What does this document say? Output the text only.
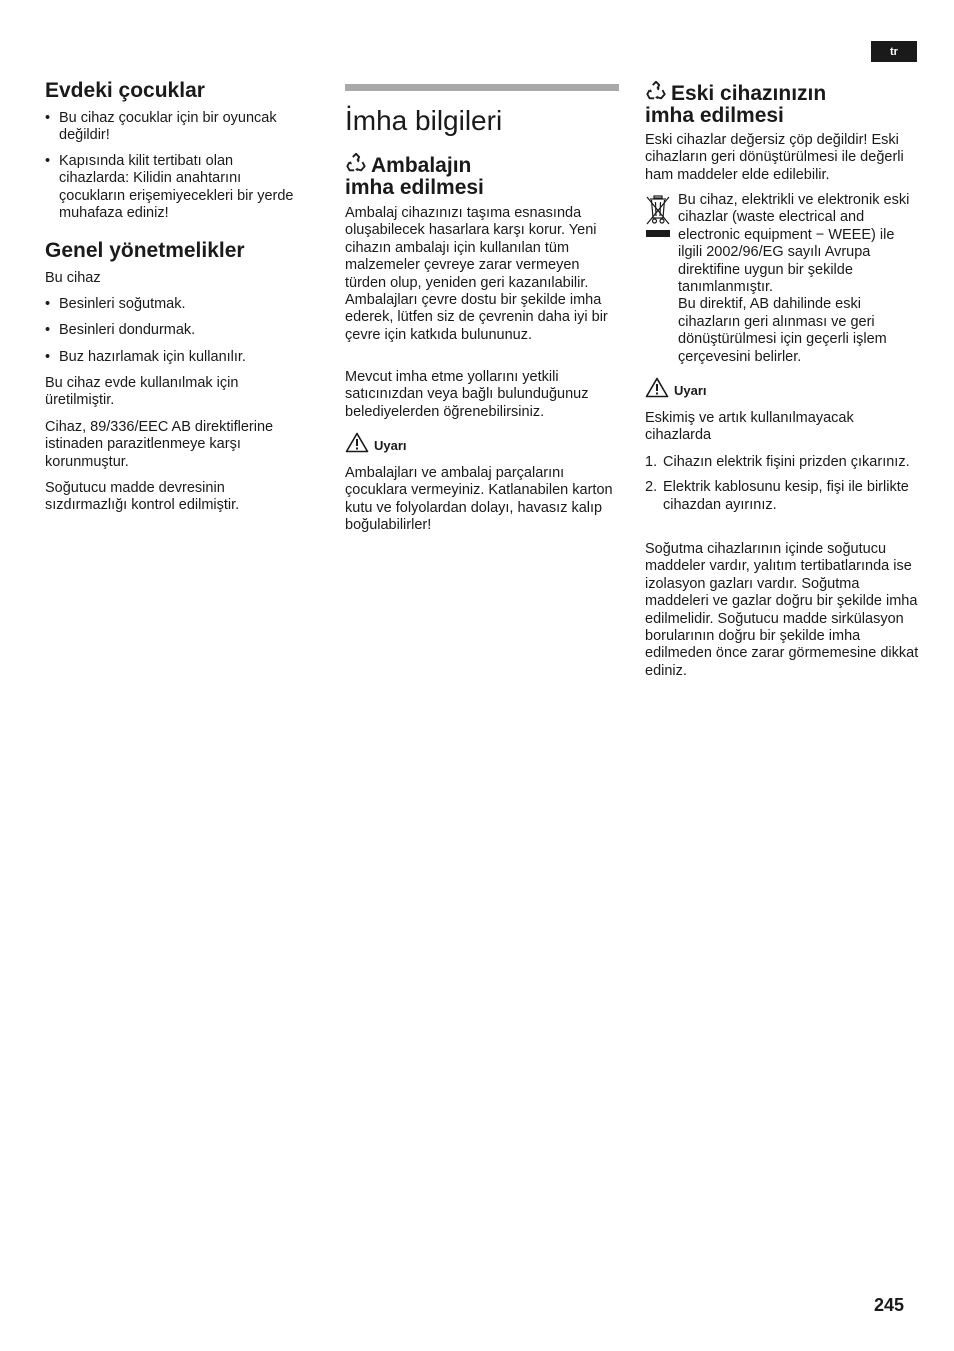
tr
Evdeki çocuklar
• Bu cihaz çocuklar için bir oyuncak değildir!
• Kapısında kilit tertibatı olan cihazlarda: Kilidin anahtarını çocukların erişemiyecekleri bir yerde muhafaza ediniz!
Genel yönetmelikler

Bu cihaz

• Besinleri soğutmak.
• Besinleri dondurmak.
• Buz hazırlamak için kullanılır.

Bu cihaz evde kullanılmak için üretilmiştir.

Cihaz, 89/336/EEC AB direktiflerine istinaden parazitlenmeye karşı korunmuştur.

Soğutucu madde devresinin sızdırmazlığı kontrol edilmiştir.

İmha bilgileri
Ambalajın
imha edilmesi

Ambalaj cihazınızı taşıma esnasında oluşabilecek hasarlara karşı korur. Yeni cihazın ambalajı için kullanılan tüm malzemeler çevreye zarar vermeyen türden olup, yeniden geri kazanılabilir. Ambalajları çevre dostu bir şekilde imha ederek, lütfen siz de çevrenin daha iyi bir çevre için katkıda bulununuz.

Mevcut imha etme yollarını yetkili satıcınızdan veya bağlı bulunduğunuz belediyelerden öğrenebilirsiniz.

Uyarı

Ambalajları ve ambalaj parçalarını çocuklara vermeyiniz. Katlanabilen karton kutu ve folyolardan dolayı, havasız kalıp boğulabilirler!

Eski cihazınızın
imha edilmesi

Eski cihazlar değersiz çöp değildir! Eski cihazların geri dönüştürülmesi ile değerli ham maddeler elde edilebilir.

Bu cihaz, elektrikli ve elektronik eski cihazlar (waste electrical and electronic equipment − WEEE) ile ilgili 2002/96/EG sayılı Avrupa direktifine uygun bir şekilde tanımlanmıştır.

Bu direktif, AB dahilinde eski cihazların geri alınması ve geri dönüştürülmesi için geçerli işlem çerçevesini belirler.

Uyarı

Eskimiş ve artık kullanılmayacak cihazlarda

1. Cihazın elektrik fişini prizden çıkarınız.
2. Elektrik kablosunu kesip, fişi ile birlikte cihazdan ayırınız.

Soğutma cihazlarının içinde soğutucu maddeler vardır, yalıtım tertibatlarında ise izolasyon gazları vardır. Soğutma maddeleri ve gazlar doğru bir şekilde imha edilmelidir. Soğutucu madde sirkülasyon borularının doğru bir şekilde imha edilmeden önce zarar görmemesine dikkat ediniz.

245
